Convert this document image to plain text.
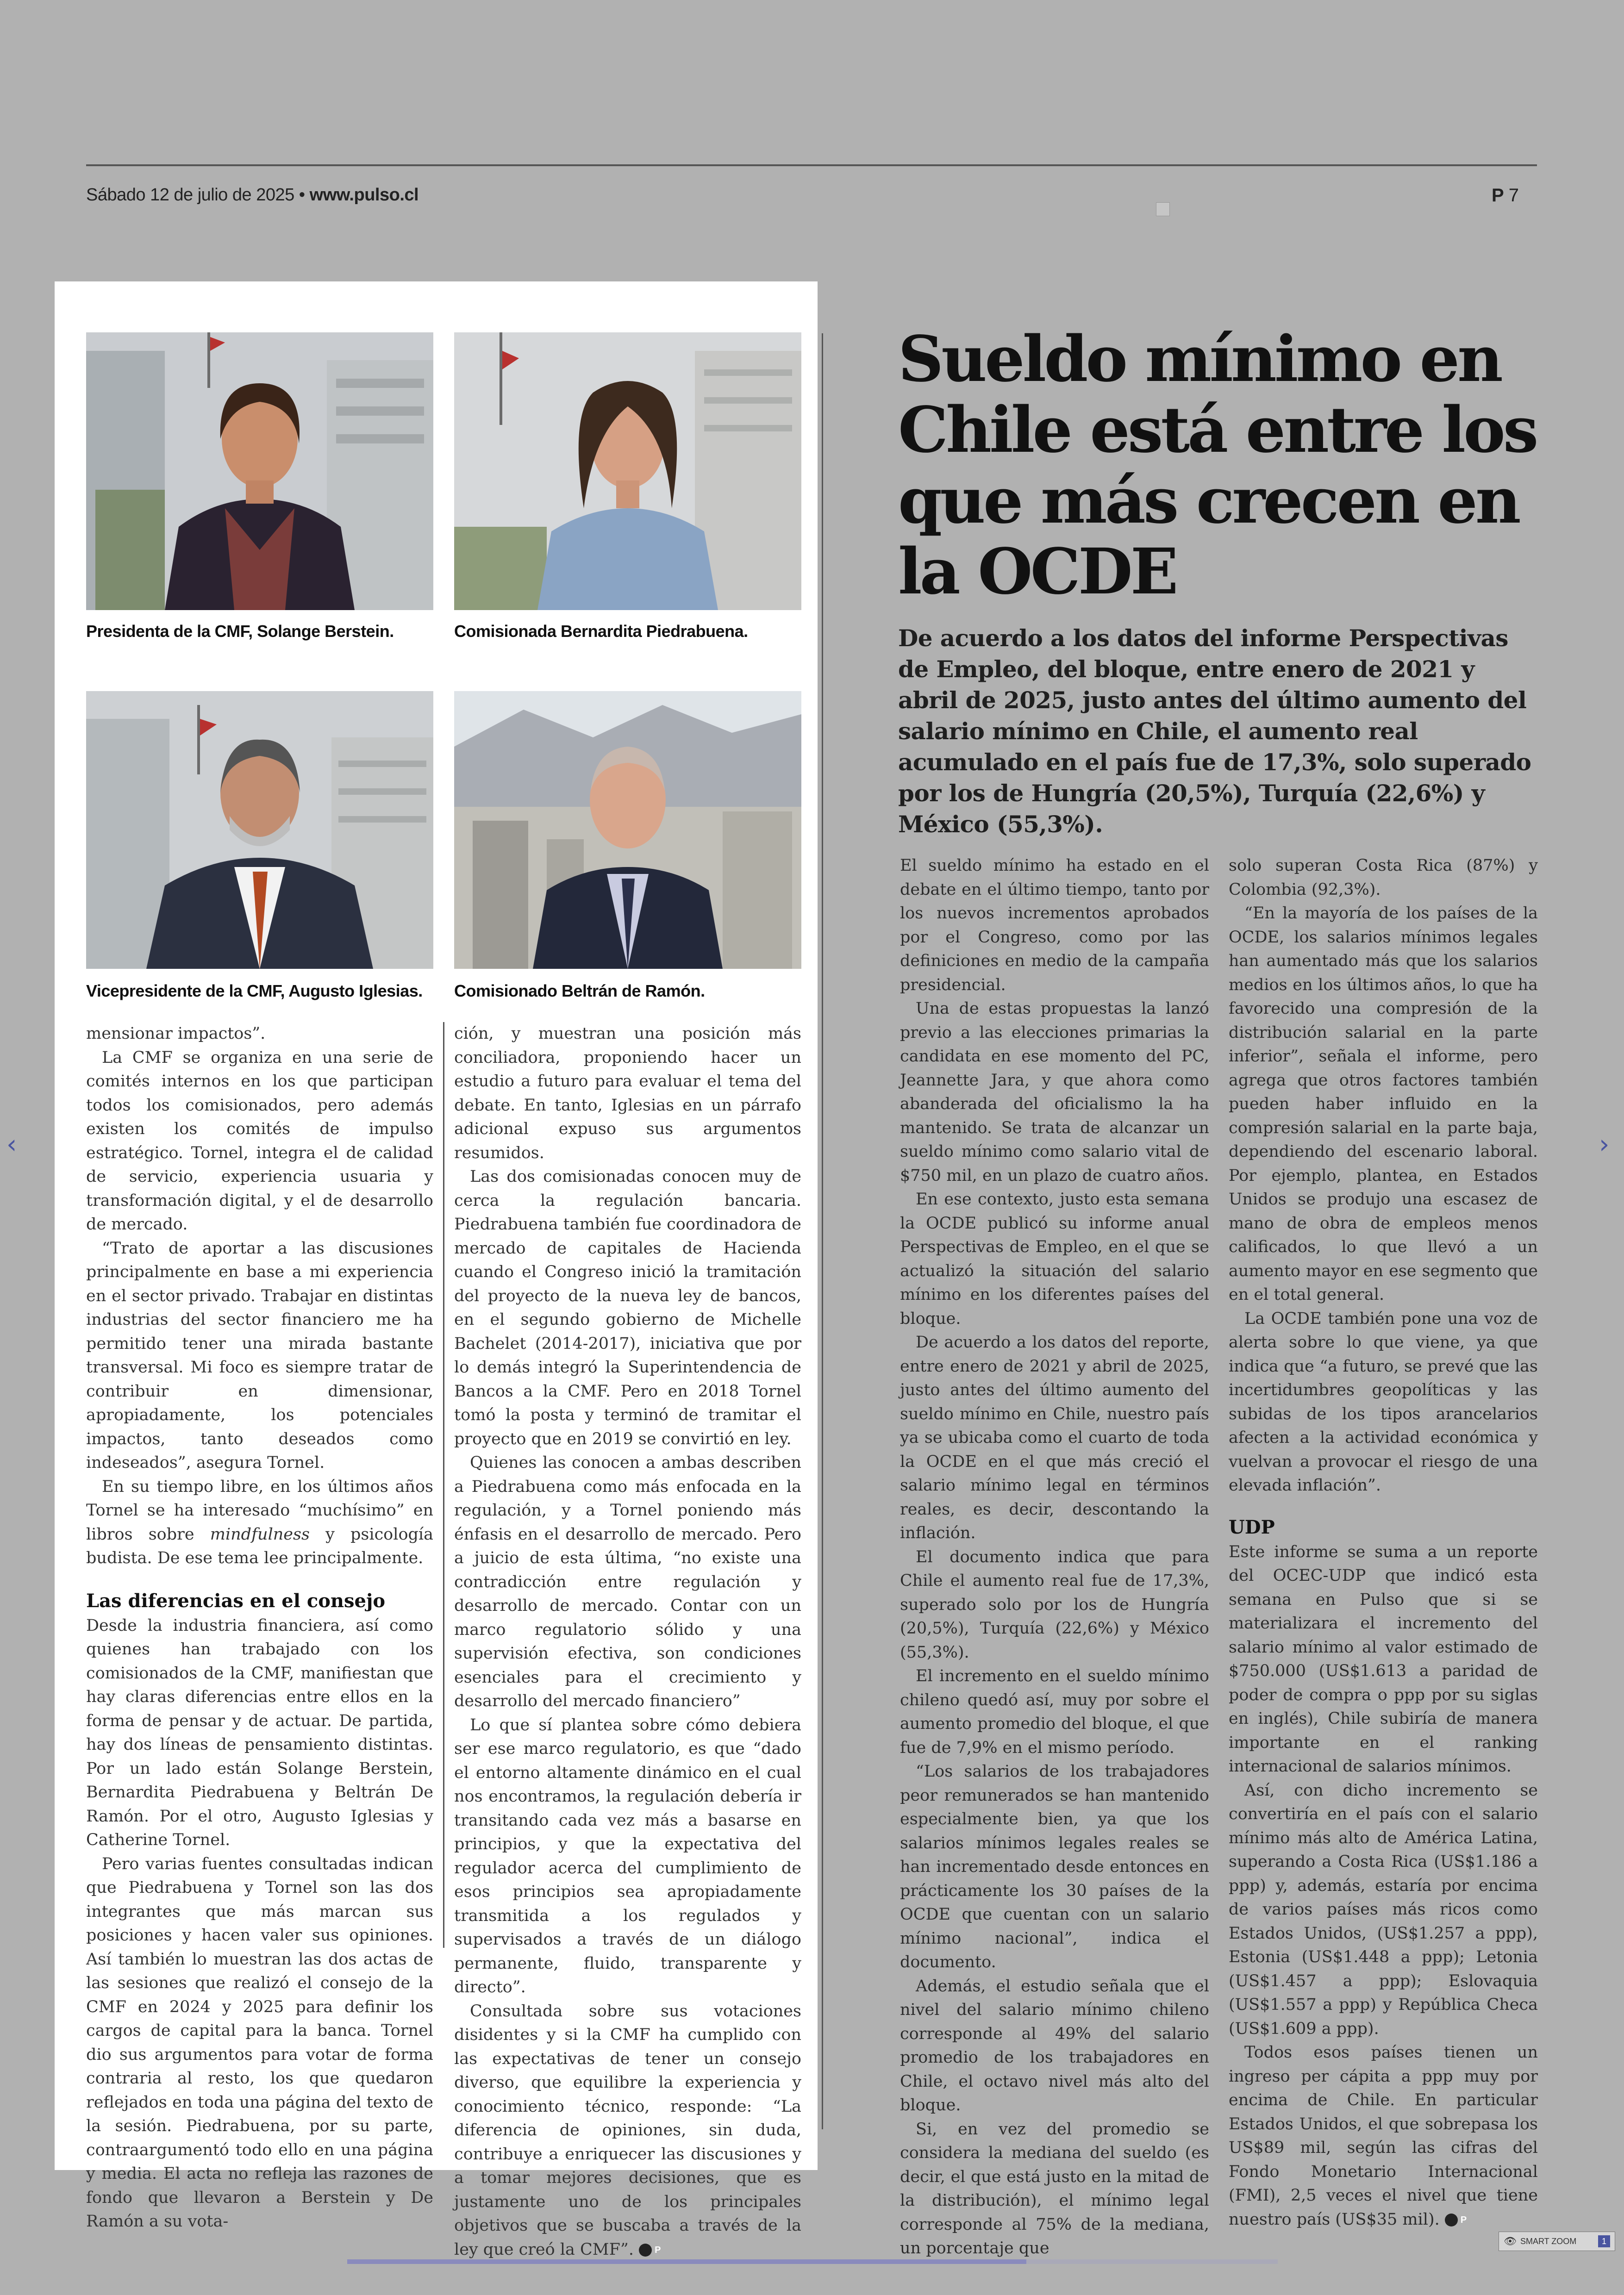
Sábado 12 de julio de 2025 • www.pulso.cl	P 7
Presidenta de la CMF, Solange Berstein.	Comisionada Bernardita Piedrabuena.
Vicepresidente de la CMF, Augusto Iglesias. Comisionado Beltrán de Ramón.

mensionar impactos”.

La CMF se organiza en una serie de comités internos en los que participan todos los comisionados, pero además existen los comités de impulso estratégico. Tornel, integra el de calidad de servicio, experiencia usuaria y transformación digital, y el de desarrollo de mercado.

“Trato de aportar a las discusiones principalmente en base a mi experiencia en el sector privado. Trabajar en distintas industrias del sector financiero me ha permitido tener una mirada bastante transversal. Mi foco es siempre tratar de contribuir en dimensionar, apropiadamente, los potenciales impactos, tanto deseados como indeseados”, asegura Tornel.

En su tiempo libre, en los últimos años Tornel se ha interesado “muchísimo” en libros sobre mindfulness y psicología budista. De ese tema lee principalmente.

Las diferencias en el consejo

Desde la industria financiera, así como quienes han trabajado con los comisionados de la CMF, manifiestan que hay claras diferencias entre ellos en la forma de pensar y de actuar. De partida, hay dos líneas de pensamiento distintas. Por un lado están Solange Berstein, Bernardita Piedrabuena y Beltrán De Ramón. Por el otro, Augusto Iglesias y Catherine Tornel.

Pero varias fuentes consultadas indican que Piedrabuena y Tornel son las dos integrantes que más marcan sus posiciones y hacen valer sus opiniones. Así también lo muestran las dos actas de las sesiones que realizó el consejo de la CMF en 2024 y 2025 para definir los cargos de capital para la banca. Tornel dio sus argumentos para votar de forma contraria al resto, los que quedaron reflejados en toda una página del texto de la sesión. Piedrabuena, por su parte, contraargumentó todo ello en una página y media. El acta no refleja las razones de fondo que llevaron a Berstein y De Ramón a su vota-

ción, y muestran una posición más conciliadora, proponiendo hacer un estudio a futuro para evaluar el tema del debate. En tanto, Iglesias en un párrafo adicional expuso sus argumentos resumidos.

Las dos comisionadas conocen muy de cerca la regulación bancaria. Piedrabuena también fue coordinadora de mercado de capitales de Hacienda cuando el Congreso inició la tramitación del proyecto de la nueva ley de bancos, en el segundo gobierno de Michelle Bachelet (2014-2017), iniciativa que por lo demás integró la Superintendencia de Bancos a la CMF. Pero en 2018 Tornel tomó la posta y terminó de tramitar el proyecto que en 2019 se convirtió en ley.

Quienes las conocen a ambas describen a Piedrabuena como más enfocada en la regulación, y a Tornel poniendo más énfasis en el desarrollo de mercado. Pero a juicio de esta última, “no existe una contradicción entre regulación y desarrollo de mercado. Contar con un marco regulatorio sólido y una supervisión efectiva, son condiciones esenciales para el crecimiento y desarrollo del mercado financiero”

Lo que sí plantea sobre cómo debiera ser ese marco regulatorio, es que “dado el entorno altamente dinámico en el cual nos encontramos, la regulación debería ir transitando cada vez más a basarse en principios, y que la expectativa del regulador acerca del cumplimiento de esos principios sea apropiadamente transmitida a los regulados y supervisados a través de un diálogo permanente, fluido, transparente y directo”.

Consultada sobre sus votaciones disidentes y si la CMF ha cumplido con las expectativas de tener un consejo diverso, que equilibre la experiencia y conocimiento técnico, responde: “La diferencia de opiniones, sin duda, contribuye a enriquecer las discusiones y a tomar mejores decisiones, que es justamente uno de los principales objetivos que se buscaba a través de la ley que creó la CMF”. P

Sueldo mínimo en Chile está entre los que más crecen en la OCDE
De acuerdo a los datos del informe Perspectivas de Empleo, del bloque, entre enero de 2021 y abril de 2025, justo antes del último aumento del salario mínimo en Chile, el aumento real acumulado en el país fue de 17,3%, solo superado por los de Hungría (20,5%), Turquía (22,6%) y México (55,3%).

El sueldo mínimo ha estado en el debate en el último tiempo, tanto por los nuevos incrementos aprobados por el Congreso, como por las definiciones en medio de la campaña presidencial.

Una de estas propuestas la lanzó previo a las elecciones primarias la candidata en ese momento del PC, Jeannette Jara, y que ahora como abanderada del oficialismo la ha mantenido. Se trata de alcanzar un sueldo mínimo como salario vital de $750 mil, en un plazo de cuatro años.

En ese contexto, justo esta semana la OCDE publicó su informe anual Perspectivas de Empleo, en el que se actualizó la situación del salario mínimo en los diferentes países del bloque.

De acuerdo a los datos del reporte, entre enero de 2021 y abril de 2025, justo antes del último aumento del sueldo mínimo en Chile, nuestro país ya se ubicaba como el cuarto de toda la OCDE en el que más creció el salario mínimo legal en términos reales, es decir, descontando la inflación.

El documento indica que para Chile el aumento real fue de 17,3%, superado solo por los de Hungría (20,5%), Turquía (22,6%) y México (55,3%).

El incremento en el sueldo mínimo chileno quedó así, muy por sobre el aumento promedio del bloque, el que fue de 7,9% en el mismo período.

“Los salarios de los trabajadores peor remunerados se han mantenido especialmente bien, ya que los salarios mínimos legales reales se han incrementado desde entonces en prácticamente los 30 países de la OCDE que cuentan con un salario mínimo nacional”, indica el documento.

Además, el estudio señala que el nivel del salario mínimo chileno corresponde al 49% del salario promedio de los trabajadores en Chile, el octavo nivel más alto del bloque.

Si, en vez del promedio se considera la mediana del sueldo (es decir, el que está justo en la mitad de la distribución), el mínimo legal corresponde al 75% de la mediana, un porcentaje que

solo superan Costa Rica (87%) y Colombia (92,3%).

“En la mayoría de los países de la OCDE, los salarios mínimos legales han aumentado más que los salarios medios en los últimos años, lo que ha favorecido una compresión de la distribución salarial en la parte inferior”, señala el informe, pero agrega que otros factores también pueden haber influido en la compresión salarial en la parte baja, dependiendo del escenario laboral. Por ejemplo, plantea, en Estados Unidos se produjo una escasez de mano de obra de empleos menos calificados, lo que llevó a un aumento mayor en ese segmento que en el total general.

La OCDE también pone una voz de alerta sobre lo que viene, ya que indica que “a futuro, se prevé que las incertidumbres geopolíticas y las subidas de los tipos arancelarios afecten a la actividad económica y vuelvan a provocar el riesgo de una elevada inflación”.

UDP

Este informe se suma a un reporte del OCEC-UDP que indicó esta semana en Pulso que si se materializara el incremento del salario mínimo al valor estimado de $750.000 (US$1.613 a paridad de poder de compra o ppp por su siglas en inglés), Chile subiría de manera importante en el ranking internacional de salarios mínimos.

Así, con dicho incremento se convertiría en el país con el salario mínimo más alto de América Latina, superando a Costa Rica (US$1.186 a ppp) y, además, estaría por encima de varios países más ricos como Estados Unidos, (US$1.257 a ppp), Estonia (US$1.448 a ppp); Letonia (US$1.457 a ppp); Eslovaquia (US$1.557 a ppp) y República Checa (US$1.609 a ppp).

Todos esos países tienen un ingreso per cápita a ppp muy por encima de Chile. En particular Estados Unidos, el que sobrepasa los US$89 mil, según las cifras del Fondo Monetario Internacional (FMI), 2,5 veces el nivel que tiene nuestro país (US$35 mil). P

‹	›
👁 SMART ZOOM	1
